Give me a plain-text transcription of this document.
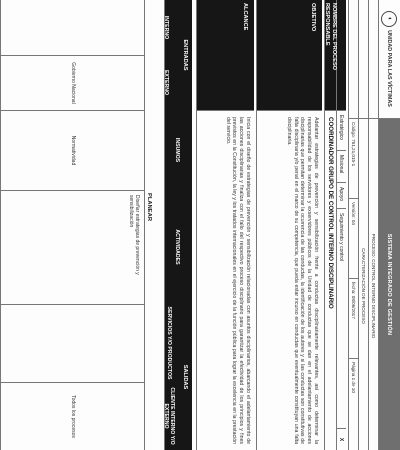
◐
UNIDAD PARA LAS VÍCTIMAS
SISTEMA INTEGRADO DE GESTIÓN
PROCESO: CONTROL INTERNO DISCIPLINARIO
CARACTERIZACIÓN DE PROCESO
Código: 761,21,015-1
Versión: 04
fecha: 08/06/2017
Página 1 de 10
Estratégico
Misional
Apoyo
Seguimiento y control
X
NOMBRE DEL PROCESO RESPONSABLE
COORDINADOR GRUPO DE CONTROL INTERNO DISCIPLINARIO
OBJETIVO
Adelantar estrategias de prevención y sensibilización frente a conductas disciplinariamente relevantes, así como determinar la responsabilidad de los servidores y exservidores públicos de la Unidad de conductas que se dan en el adelantamiento de acciones disciplinarias que permitan determinar la ocurrencia de las conductas, la identificación de los autores y si las conductas son constitutivas de falta disciplinaria y/o penal en el marco de su competencia, que pueda estar incurso en conductas que eventualmente constituyan una falta disciplinaria.
ALCANCE
Inicia con el diseño de estrategias de prevención y sensibilización relacionadas con asuntos disciplinarios, abarcando el adelantamiento de las acciones disciplinarias y finaliza con el fallo del respectivo proceso disciplinario para garantizar la efectividad de los principios y fines previstos en la Constitución, la ley y los tratados internacionales en el ejercicio de la función pública para lograr la excelencia en la prestación del servicio.
ENTRADAS
SALIDAS
INTERNO
EXTERNO
INSUMOS
ACTIVIDADES
SERVICIOS Y/O PRODUCTOS
CLIENTE INTERNO Y/O EXTERNO
PLANEAR
Gobierno Nacional
Normatividad
Diseñar estrategias de prevención y sensibilización
Todos los procesos
